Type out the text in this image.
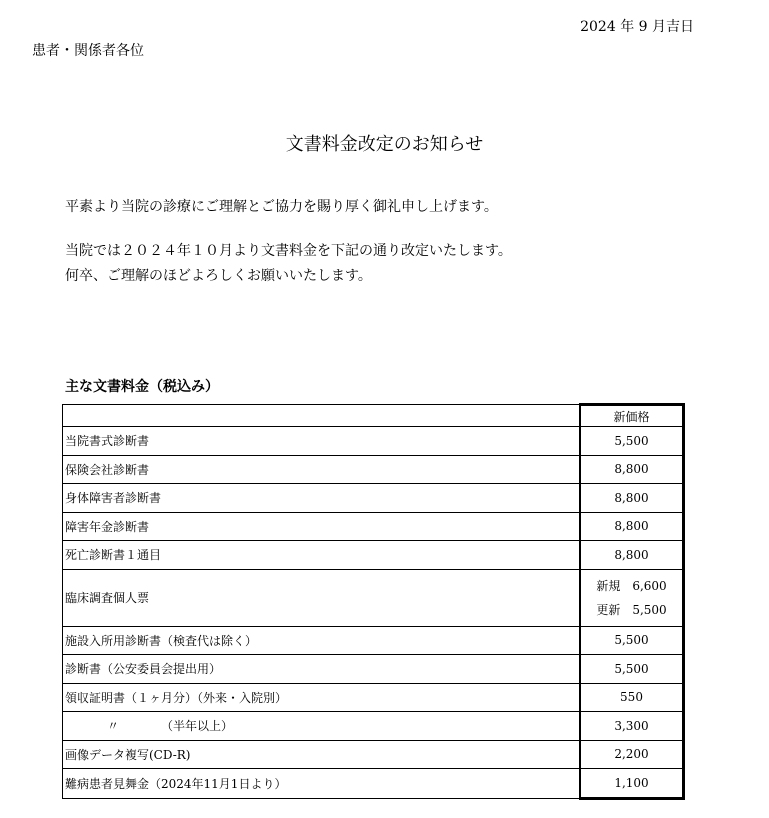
2024 年 9 月吉日
患者・関係者各位
文書料金改定のお知らせ
平素より当院の診療にご理解とご協力を賜り厚く御礼申し上げます。
当院では２０２４年１０月より文書料金を下記の通り改定いたします。
何卒、ご理解のほどよろしくお願いいたします。
主な文書料金（税込み）
	新価格
当院書式診断書	5,500
保険会社診断書	8,800
身体障害者診断書	8,800
障害年金診断書	8,800
死亡診断書１通目	8,800
臨床調査個人票	新規　6,600
更新　5,500

施設入所用診断書（検査代は除く）	5,500
診断書（公安委員会提出用）	5,500
領収証明書（１ヶ月分）（外来・入院別）	550
〃 （半年以上）	3,300
画像データ複写(CD-R)	2,200
難病患者見舞金（2024年11月1日より）	1,100
